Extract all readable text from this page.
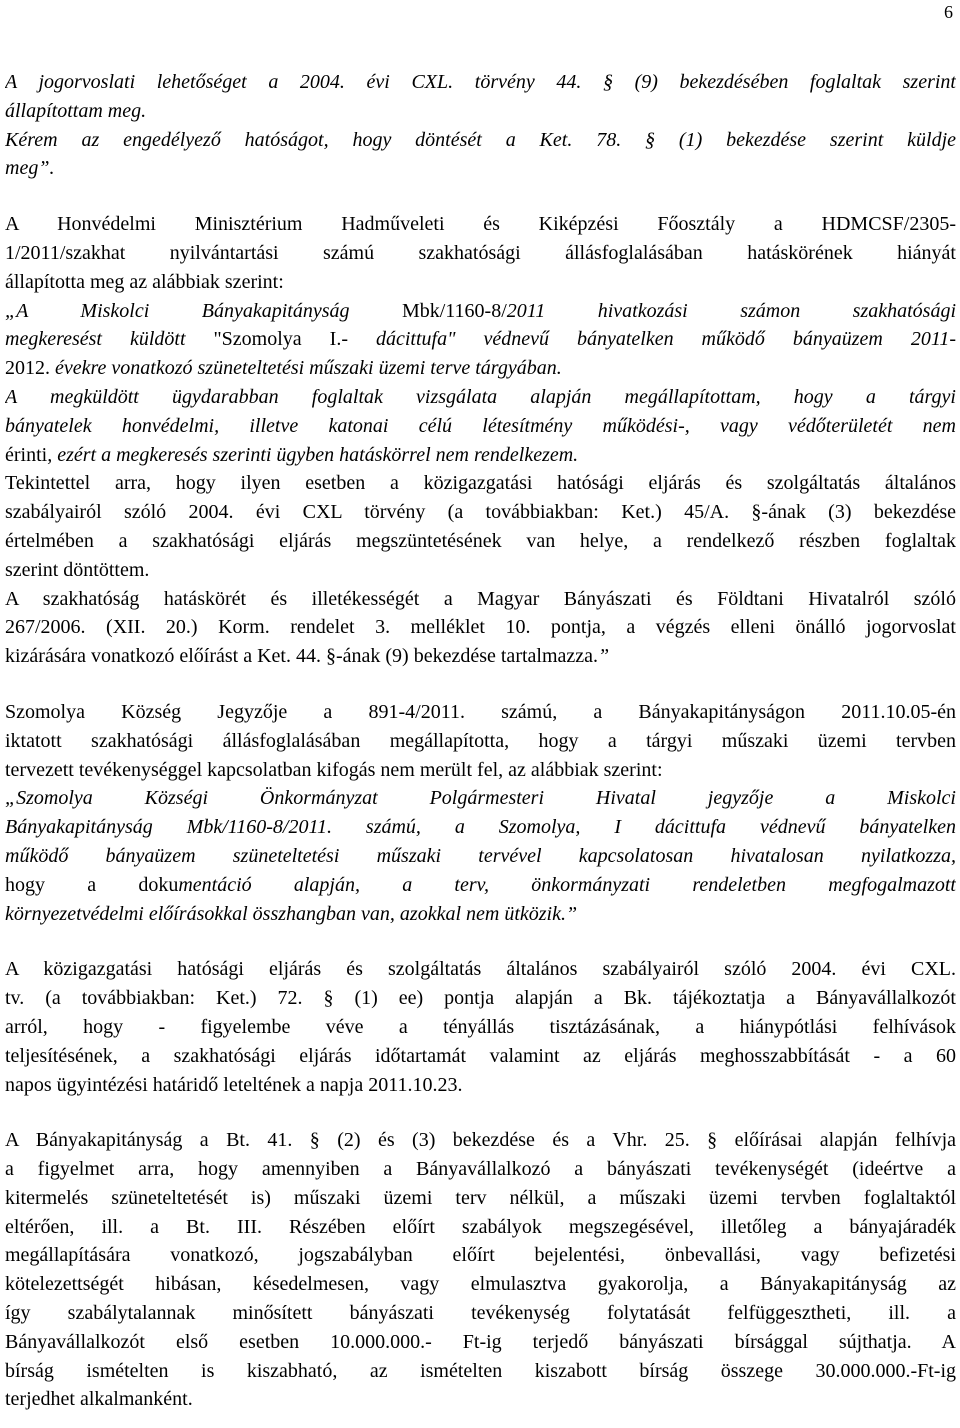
6
A jogorvoslati lehetőséget a 2004. évi CXL. törvény 44. § (9) bekezdésében foglaltak szerint
állapítottam meg.
Kérem az engedélyező hatóságot, hogy döntését a Ket. 78. § (1) bekezdése szerint küldje
meg”.
A Honvédelmi Minisztérium Hadműveleti és Kiképzési Főosztály a HDMCSF/2305-
1/2011/szakhat nyilvántartási számú szakhatósági állásfoglalásában hatáskörének hiányát
állapította meg az alábbiak szerint:
„A Miskolci Bányakapitányság Mbk/1160-8/2011 hivatkozási számon szakhatósági
megkeresést küldött "Szomolya I.- dácittufa" védnevű bányatelken működő bányaüzem 2011-
2012. évekre vonatkozó szüneteltetési műszaki üzemi terve tárgyában.
A megküldött ügydarabban foglaltak vizsgálata alapján megállapítottam, hogy a tárgyi
bányatelek honvédelmi, illetve katonai célú létesítmény működési-, vagy védőterületét nem
érinti, ezért a megkeresés szerinti ügyben hatáskörrel nem rendelkezem.
Tekintettel arra, hogy ilyen esetben a közigazgatási hatósági eljárás és szolgáltatás általános
szabályairól szóló 2004. évi CXL törvény (a továbbiakban: Ket.) 45/A. §-ának (3) bekezdése
értelmében a szakhatósági eljárás megszüntetésének van helye, a rendelkező részben foglaltak
szerint döntöttem.
A szakhatóság hatáskörét és illetékességét a Magyar Bányászati és Földtani Hivatalról szóló
267/2006. (XII. 20.) Korm. rendelet 3. melléklet 10. pontja, a végzés elleni önálló jogorvoslat
kizárására vonatkozó előírást a Ket. 44. §-ának (9) bekezdése tartalmazza.”
Szomolya Község Jegyzője a 891-4/2011. számú, a Bányakapitányságon 2011.10.05-én
iktatott szakhatósági állásfoglalásában megállapította, hogy a tárgyi műszaki üzemi tervben
tervezett tevékenységgel kapcsolatban kifogás nem merült fel, az alábbiak szerint:
„Szomolya Községi Önkormányzat Polgármesteri Hivatal jegyzője a Miskolci
Bányakapitányság Mbk/1160-8/2011. számú, a Szomolya, I dácittufa védnevű bányatelken
működő bányaüzem szüneteltetési műszaki tervével kapcsolatosan hivatalosan nyilatkozza,
hogy a dokumentáció alapján, a terv, önkormányzati rendeletben megfogalmazott
környezetvédelmi előírásokkal összhangban van, azokkal nem ütközik.”
A közigazgatási hatósági eljárás és szolgáltatás általános szabályairól szóló 2004. évi CXL.
tv. (a továbbiakban: Ket.) 72. § (1) ee) pontja alapján a Bk. tájékoztatja a Bányavállalkozót
arról, hogy - figyelembe véve a tényállás tisztázásának, a hiánypótlási felhívások
teljesítésének, a szakhatósági eljárás időtartamát valamint az eljárás meghosszabbítását - a 60
napos ügyintézési határidő leteltének a napja 2011.10.23.
A Bányakapitányság a Bt. 41. § (2) és (3) bekezdése és a Vhr. 25. § előírásai alapján felhívja
a figyelmet arra, hogy amennyiben a Bányavállalkozó a bányászati tevékenységét (ideértve a
kitermelés szüneteltetését is) műszaki üzemi terv nélkül, a műszaki üzemi tervben foglaltaktól
eltérően, ill. a Bt. III. Részében előírt szabályok megszegésével, illetőleg a bányajáradék
megállapítására vonatkozó, jogszabályban előírt bejelentési, önbevallási, vagy befizetési
kötelezettségét hibásan, késedelmesen, vagy elmulasztva gyakorolja, a Bányakapitányság az
így szabálytalannak minősített bányászati tevékenység folytatását felfüggesztheti, ill. a
Bányavállalkozót első esetben 10.000.000.- Ft-ig terjedő bányászati bírsággal sújthatja. A
bírság ismételten is kiszabható, az ismételten kiszabott bírság összege 30.000.000.-Ft-ig
terjedhet alkalmanként.
